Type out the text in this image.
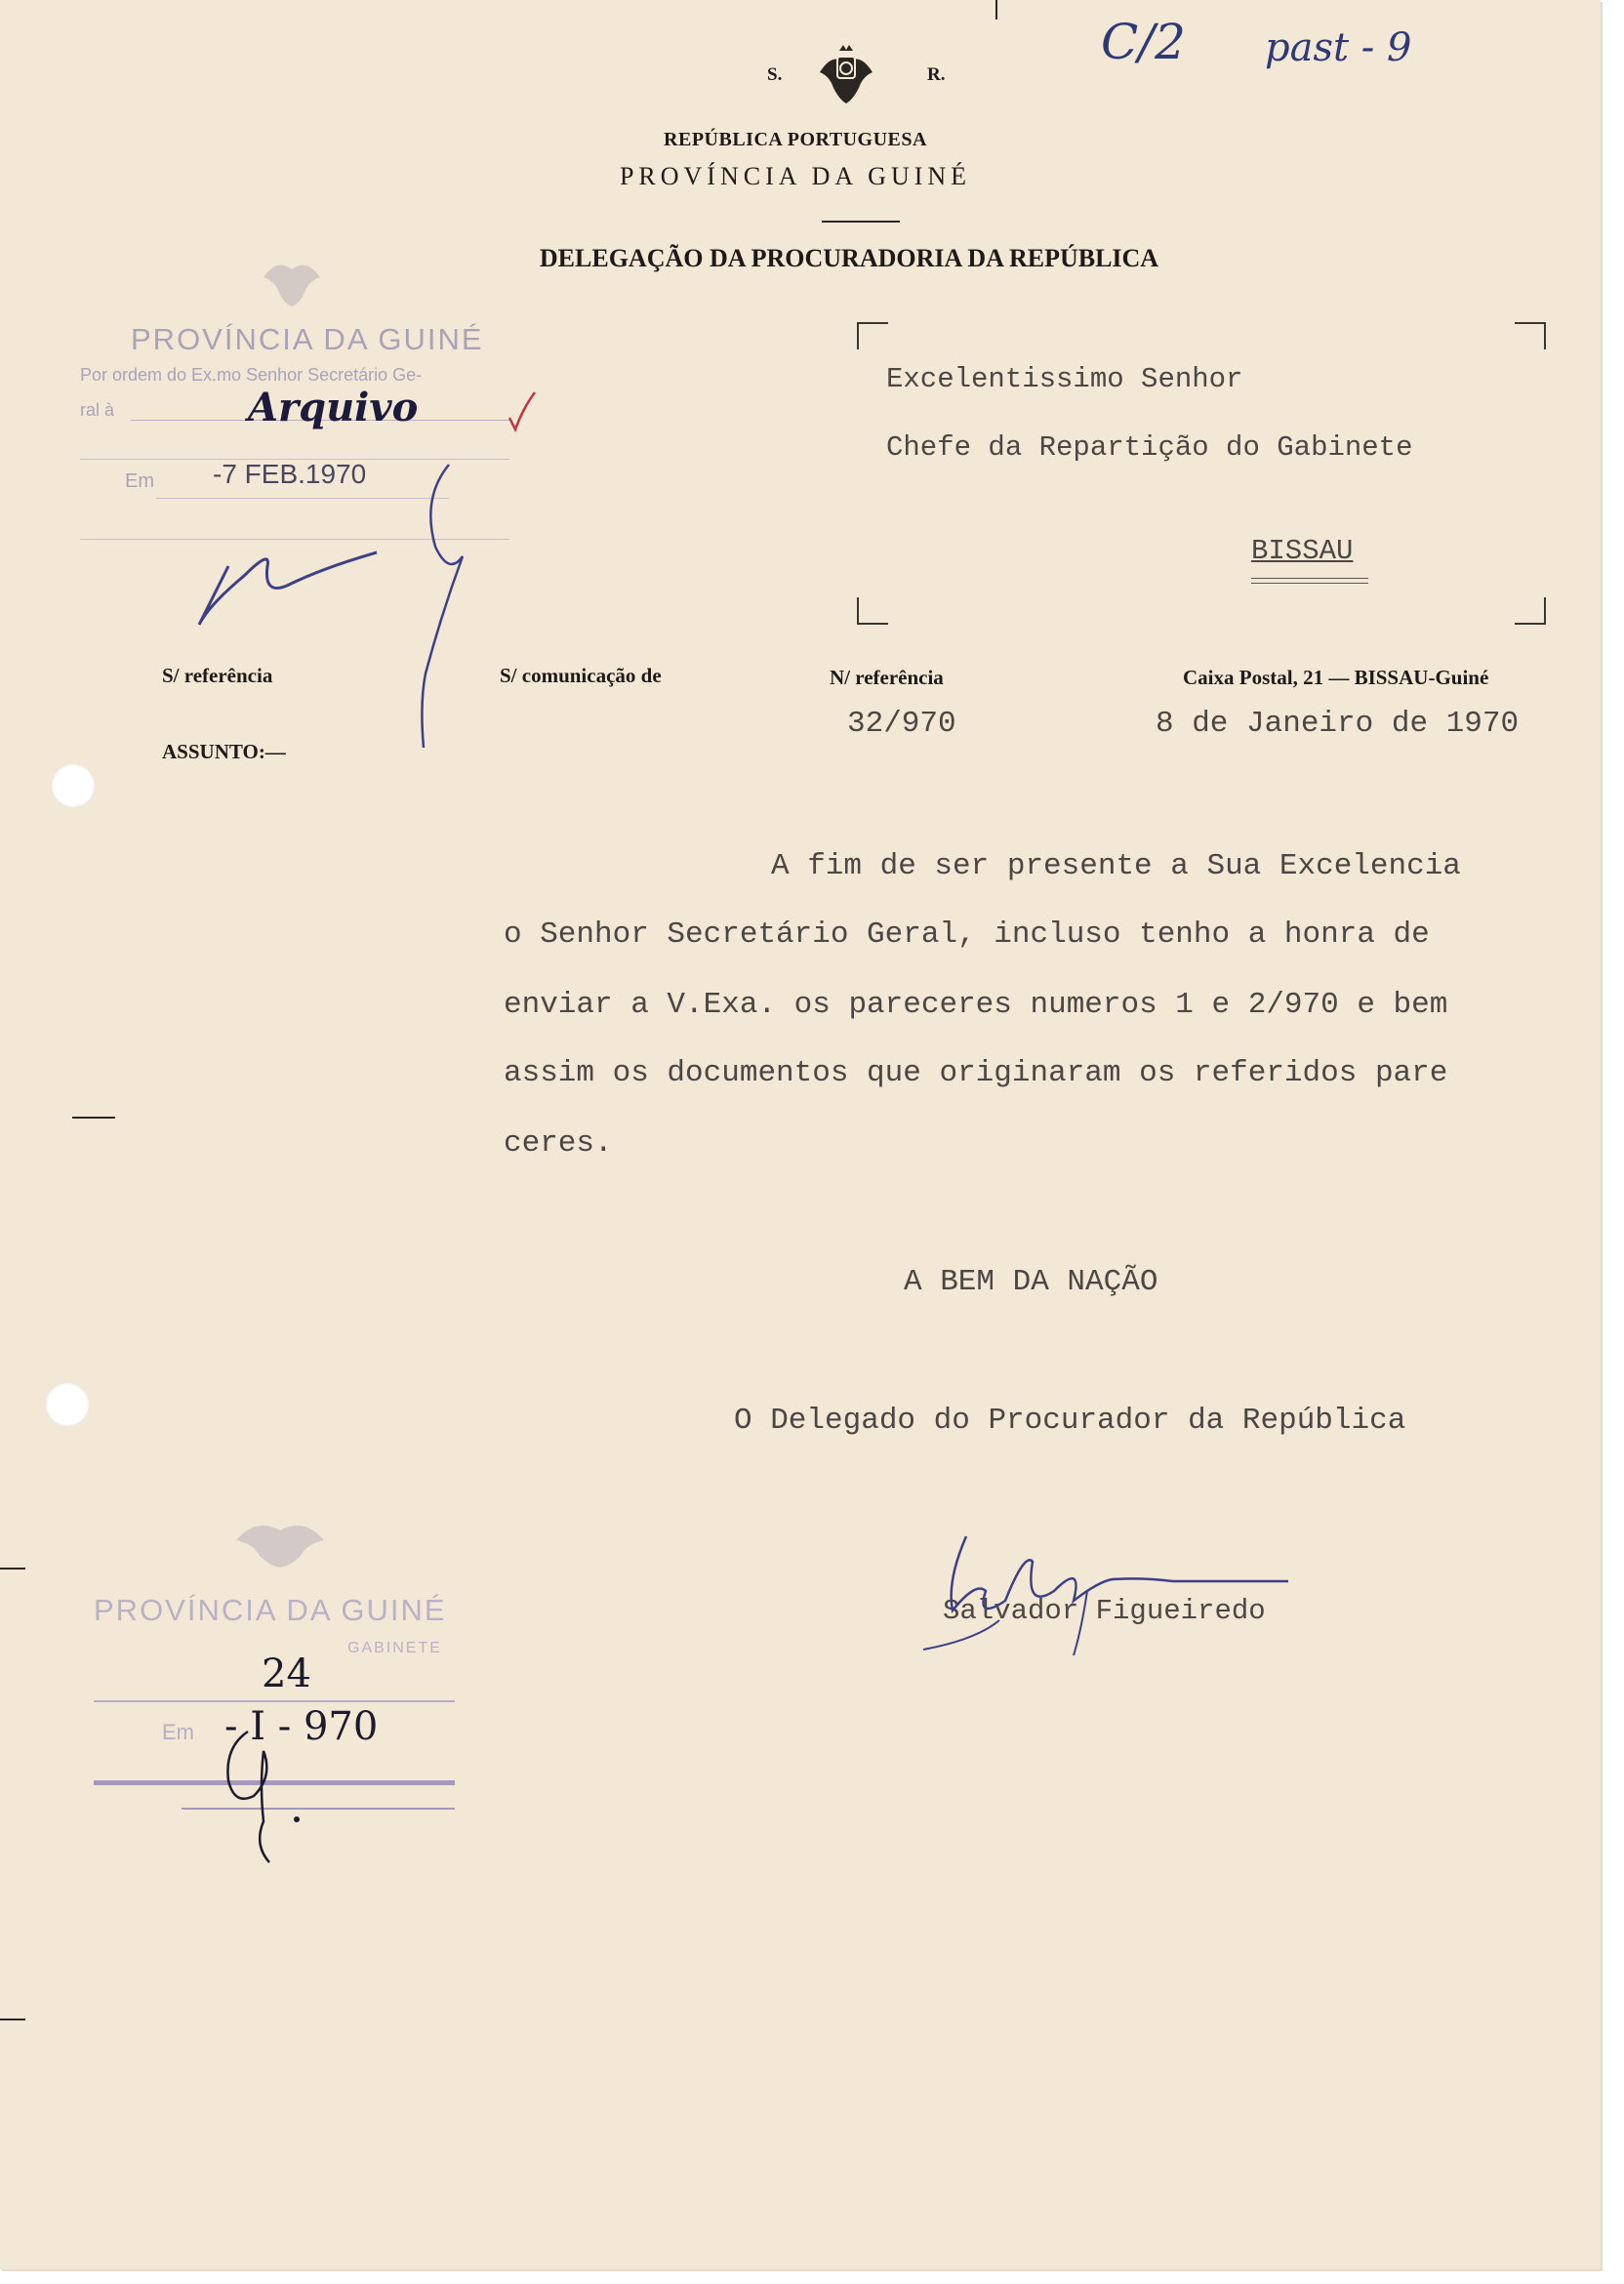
S.	R.
REPÚBLICA PORTUGUESA
PROVÍNCIA DA GUINÉ
DELEGAÇÃO DA PROCURADORIA DA REPÚBLICA
C/2 past - 9
PROVÍNCIA DA GUINÉ
Por ordem do Ex.mo Senhor Secretário Ge-
ral à	Arquivo
Em -7 FEB.1970
Excelentissimo Senhor
Chefe da Repartição do Gabinete
BISSAU
S/ referência	S/ comunicação de	N/ referência
32/970
Caixa Postal, 21 — BISSAU-Guiné
8 de Janeiro de 1970
ASSUNTO:—
A fim de ser presente a Sua Excelencia
o Senhor Secretário Geral, incluso tenho a honra de
enviar a V.Exa. os pareceres numeros 1 e 2/970 e bem
assim os documentos que originaram os referidos pare
ceres.
A BEM DA NAÇÃO
O Delegado do Procurador da República
Salvador Figueiredo
PROVÍNCIA DA GUINÉ
GABINETE
Em
24
- I - 970
